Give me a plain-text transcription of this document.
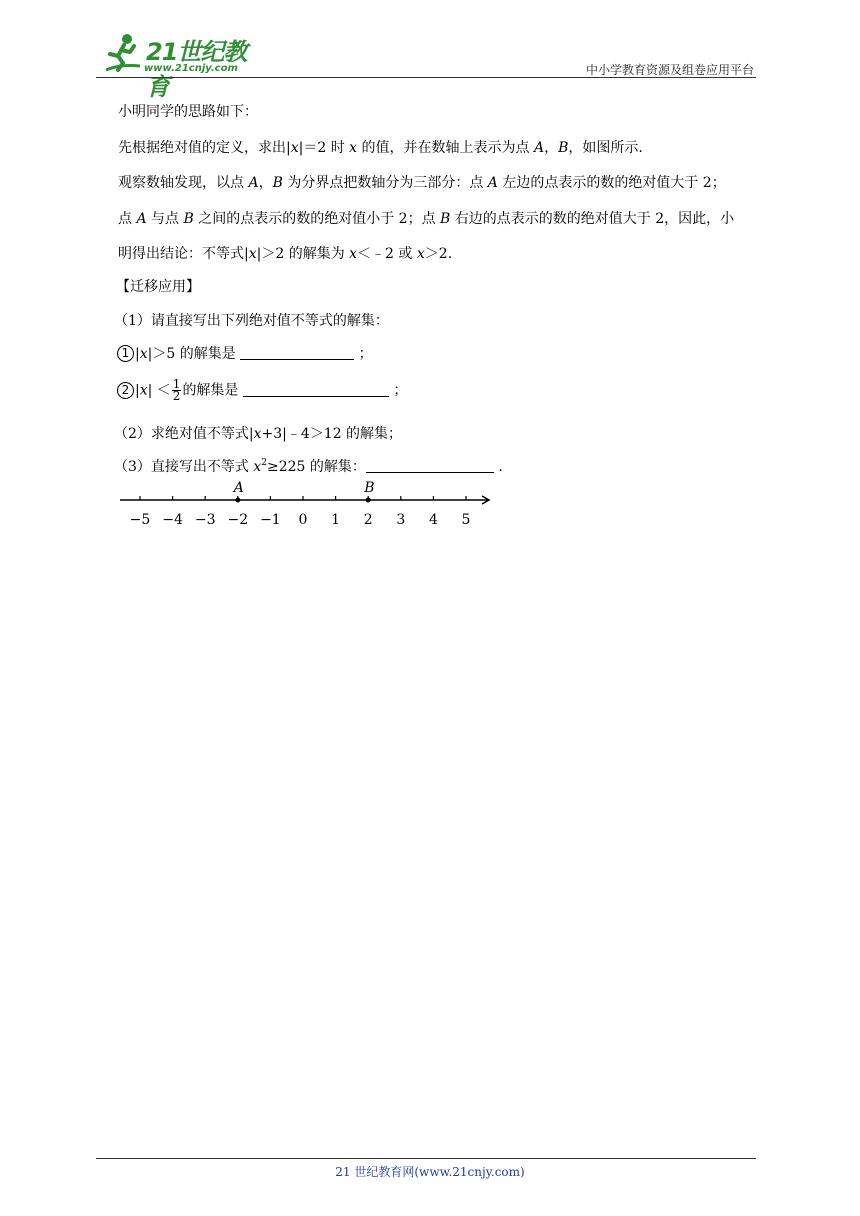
21世纪教育
www.21cnjy.com	中小学教育资源及组卷应用平台
小明同学的思路如下：
先根据绝对值的定义，求出|x|＝2 时 x 的值，并在数轴上表示为点 A，B，如图所示.
观察数轴发现，以点 A，B 为分界点把数轴分为三部分：点 A 左边的点表示的数的绝对值大于 2；
点 A 与点 B 之间的点表示的数的绝对值小于 2；点 B 右边的点表示的数的绝对值大于 2，因此，小
明得出结论：不等式|x|＞2 的解集为 x＜﹣2 或 x＞2.
【迁移应用】
（1）请直接写出下列绝对值不等式的解集：
1 |x|＞5 的解集是	；
2 $|x| < \frac{1}{2}$ 的解集是	；
（2）求绝对值不等式|x+3|﹣4＞12 的解集；
（3）直接写出不等式 $x^2\ge 225$ 的解集：	.
−5 −4 −3 −2 −1 0 1 2 3 4 5
A	B
21 世纪教育网(www.21cnjy.com)
